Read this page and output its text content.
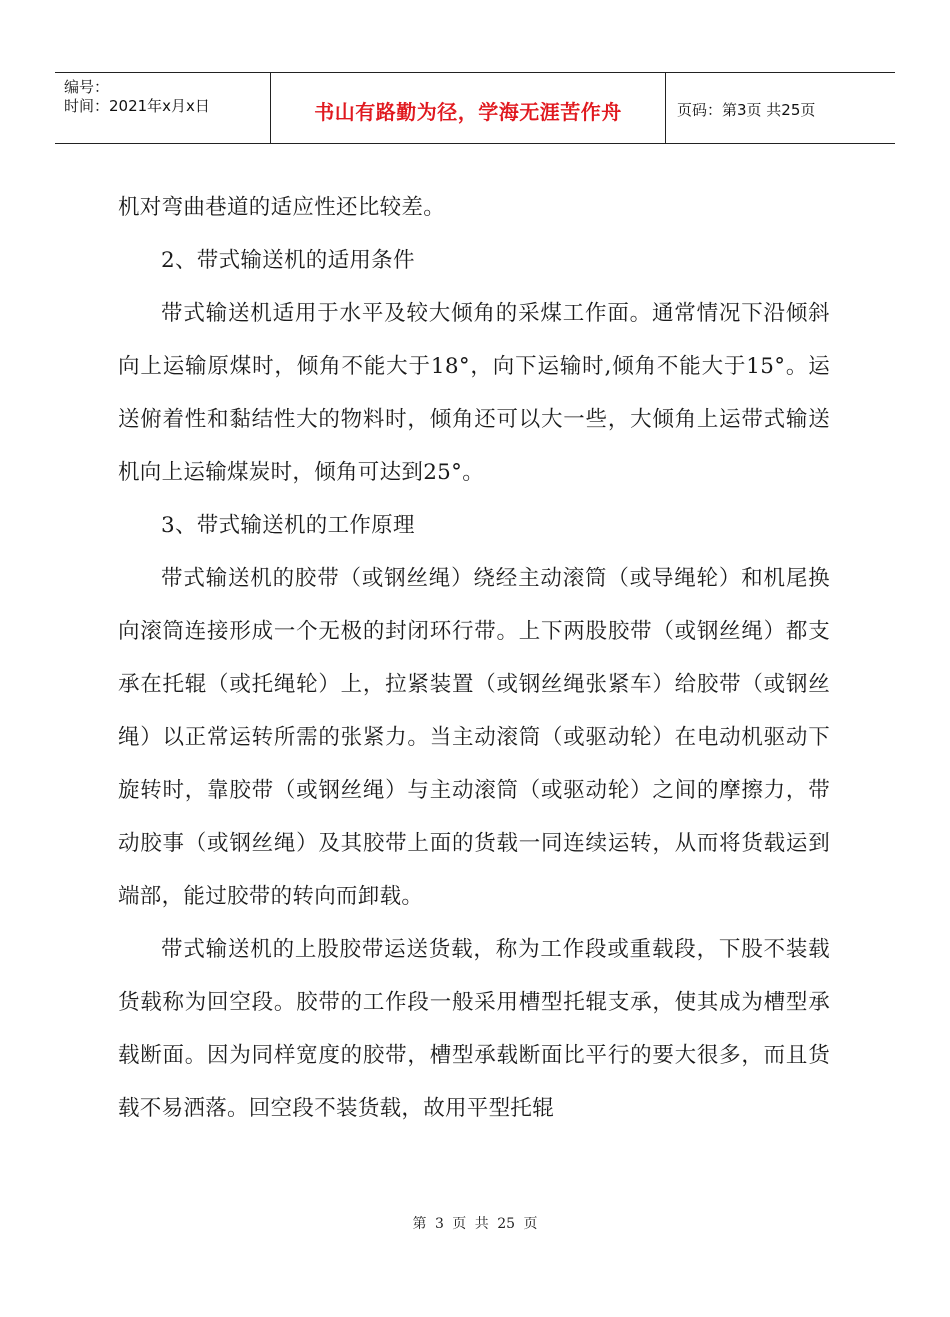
编号：
时间：2021年x月x日	书山有路勤为径，学海无涯苦作舟	页码：第3页 共25页

机对弯曲巷道的适应性还比较差。

2、带式输送机的适用条件

带式输送机适用于水平及较大倾角的采煤工作面。通常情况下沿倾斜向上运输原煤时，倾角不能大于18°，向下运输时,倾角不能大于15°。运送俯着性和黏结性大的物料时，倾角还可以大一些，大倾角上运带式输送机向上运输煤炭时，倾角可达到25°。

3、带式输送机的工作原理

带式输送机的胶带（或钢丝绳）绕经主动滚筒（或导绳轮）和机尾换向滚筒连接形成一个无极的封闭环行带。上下两股胶带（或钢丝绳）都支承在托辊（或托绳轮）上，拉紧装置（或钢丝绳张紧车）给胶带（或钢丝绳）以正常运转所需的张紧力。当主动滚筒（或驱动轮）在电动机驱动下旋转时，靠胶带（或钢丝绳）与主动滚筒（或驱动轮）之间的摩擦力，带动胶事（或钢丝绳）及其胶带上面的货载一同连续运转，从而将货载运到端部，能过胶带的转向而卸载。

带式输送机的上股胶带运送货载，称为工作段或重载段，下股不装载货载称为回空段。胶带的工作段一般采用槽型托辊支承，使其成为槽型承载断面。因为同样宽度的胶带，槽型承载断面比平行的要大很多，而且货载不易洒落。回空段不装货载，故用平型托辊

第 3 页 共 25 页
